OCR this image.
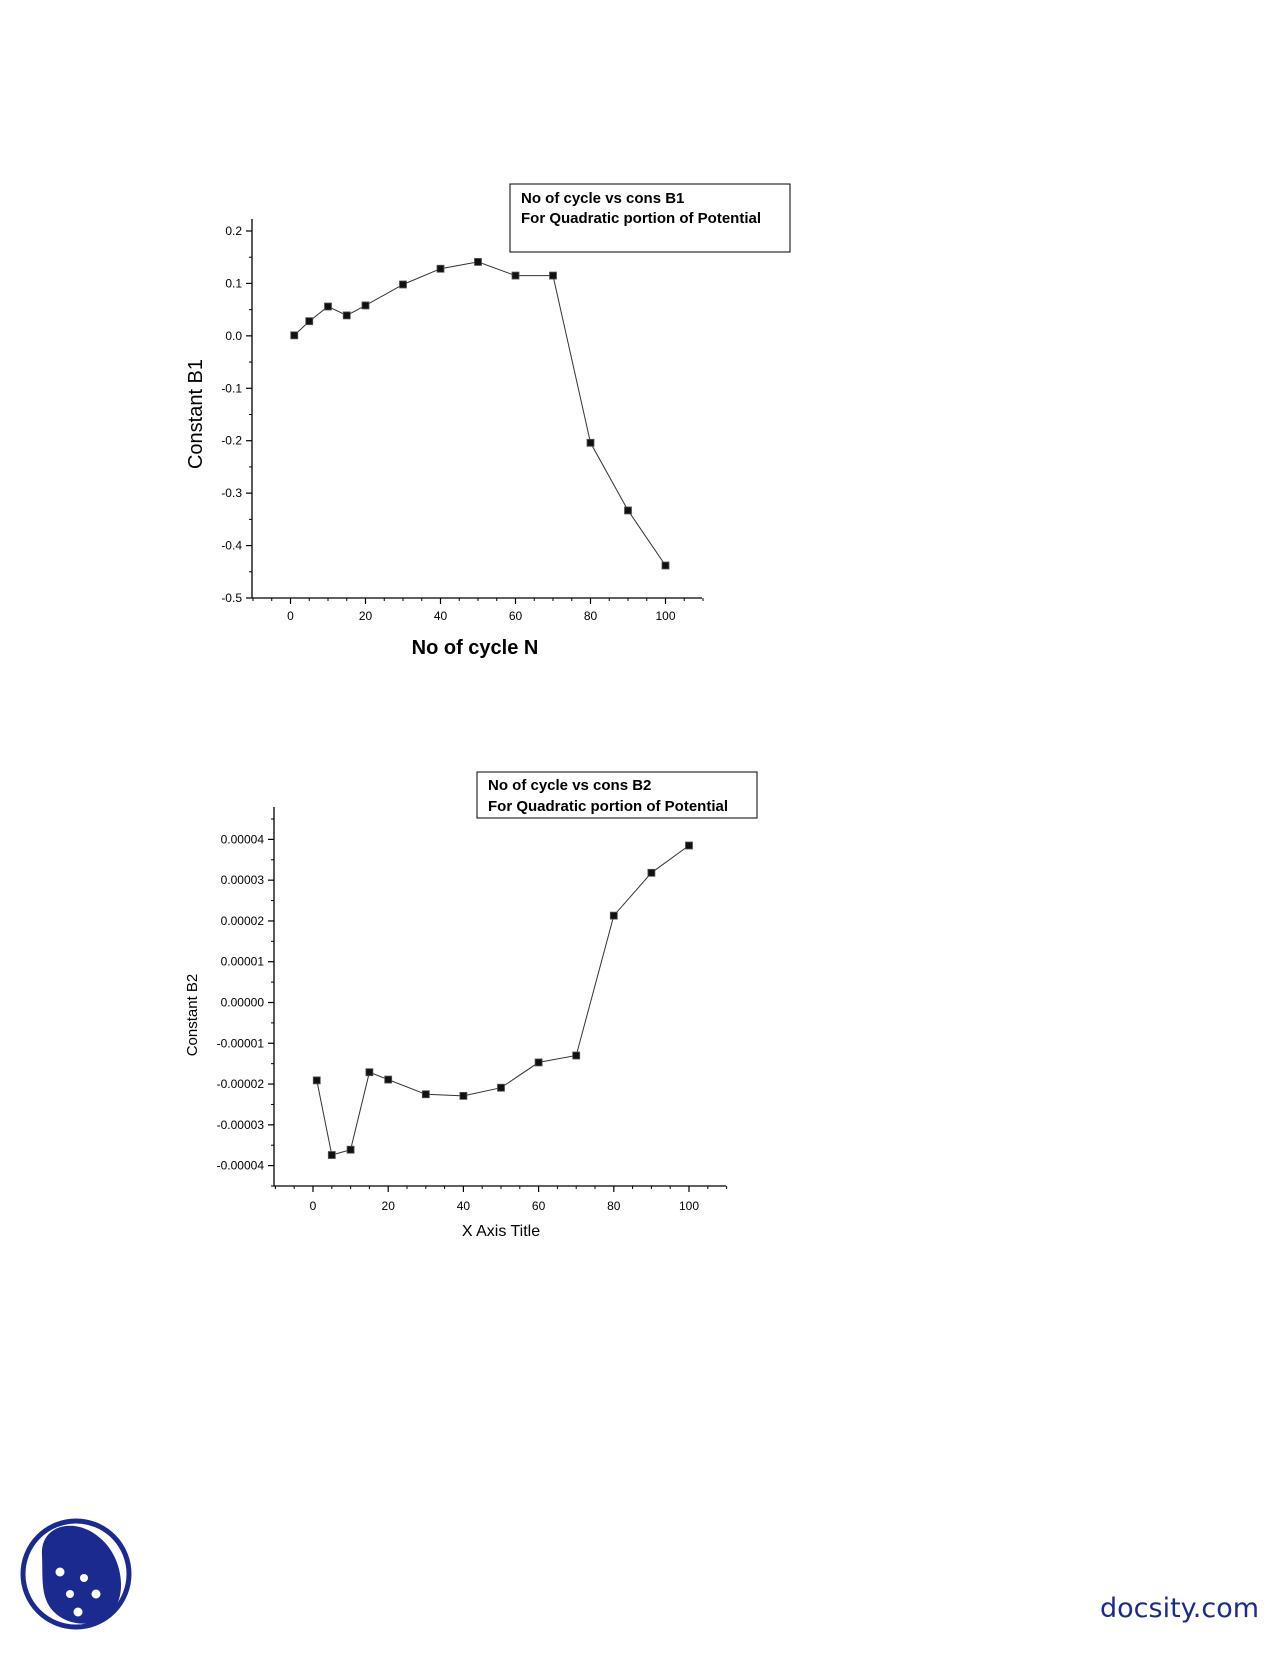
0.2
0.1
0.0
-0.1
-0.2
-0.3
-0.4
-0.5
0	20	40	60	80	100
No of cycle N
Constant B1
No of cycle vs cons B1
For Quadratic portion of Potential
0.00004
0.00003
0.00002
0.00001
0.00000
-0.00001
-0.00002
-0.00003
-0.00004
0	20	40	60	80	100
X Axis Title
Constant B2
No of cycle vs cons B2
For Quadratic portion of Potential
docsity.com
